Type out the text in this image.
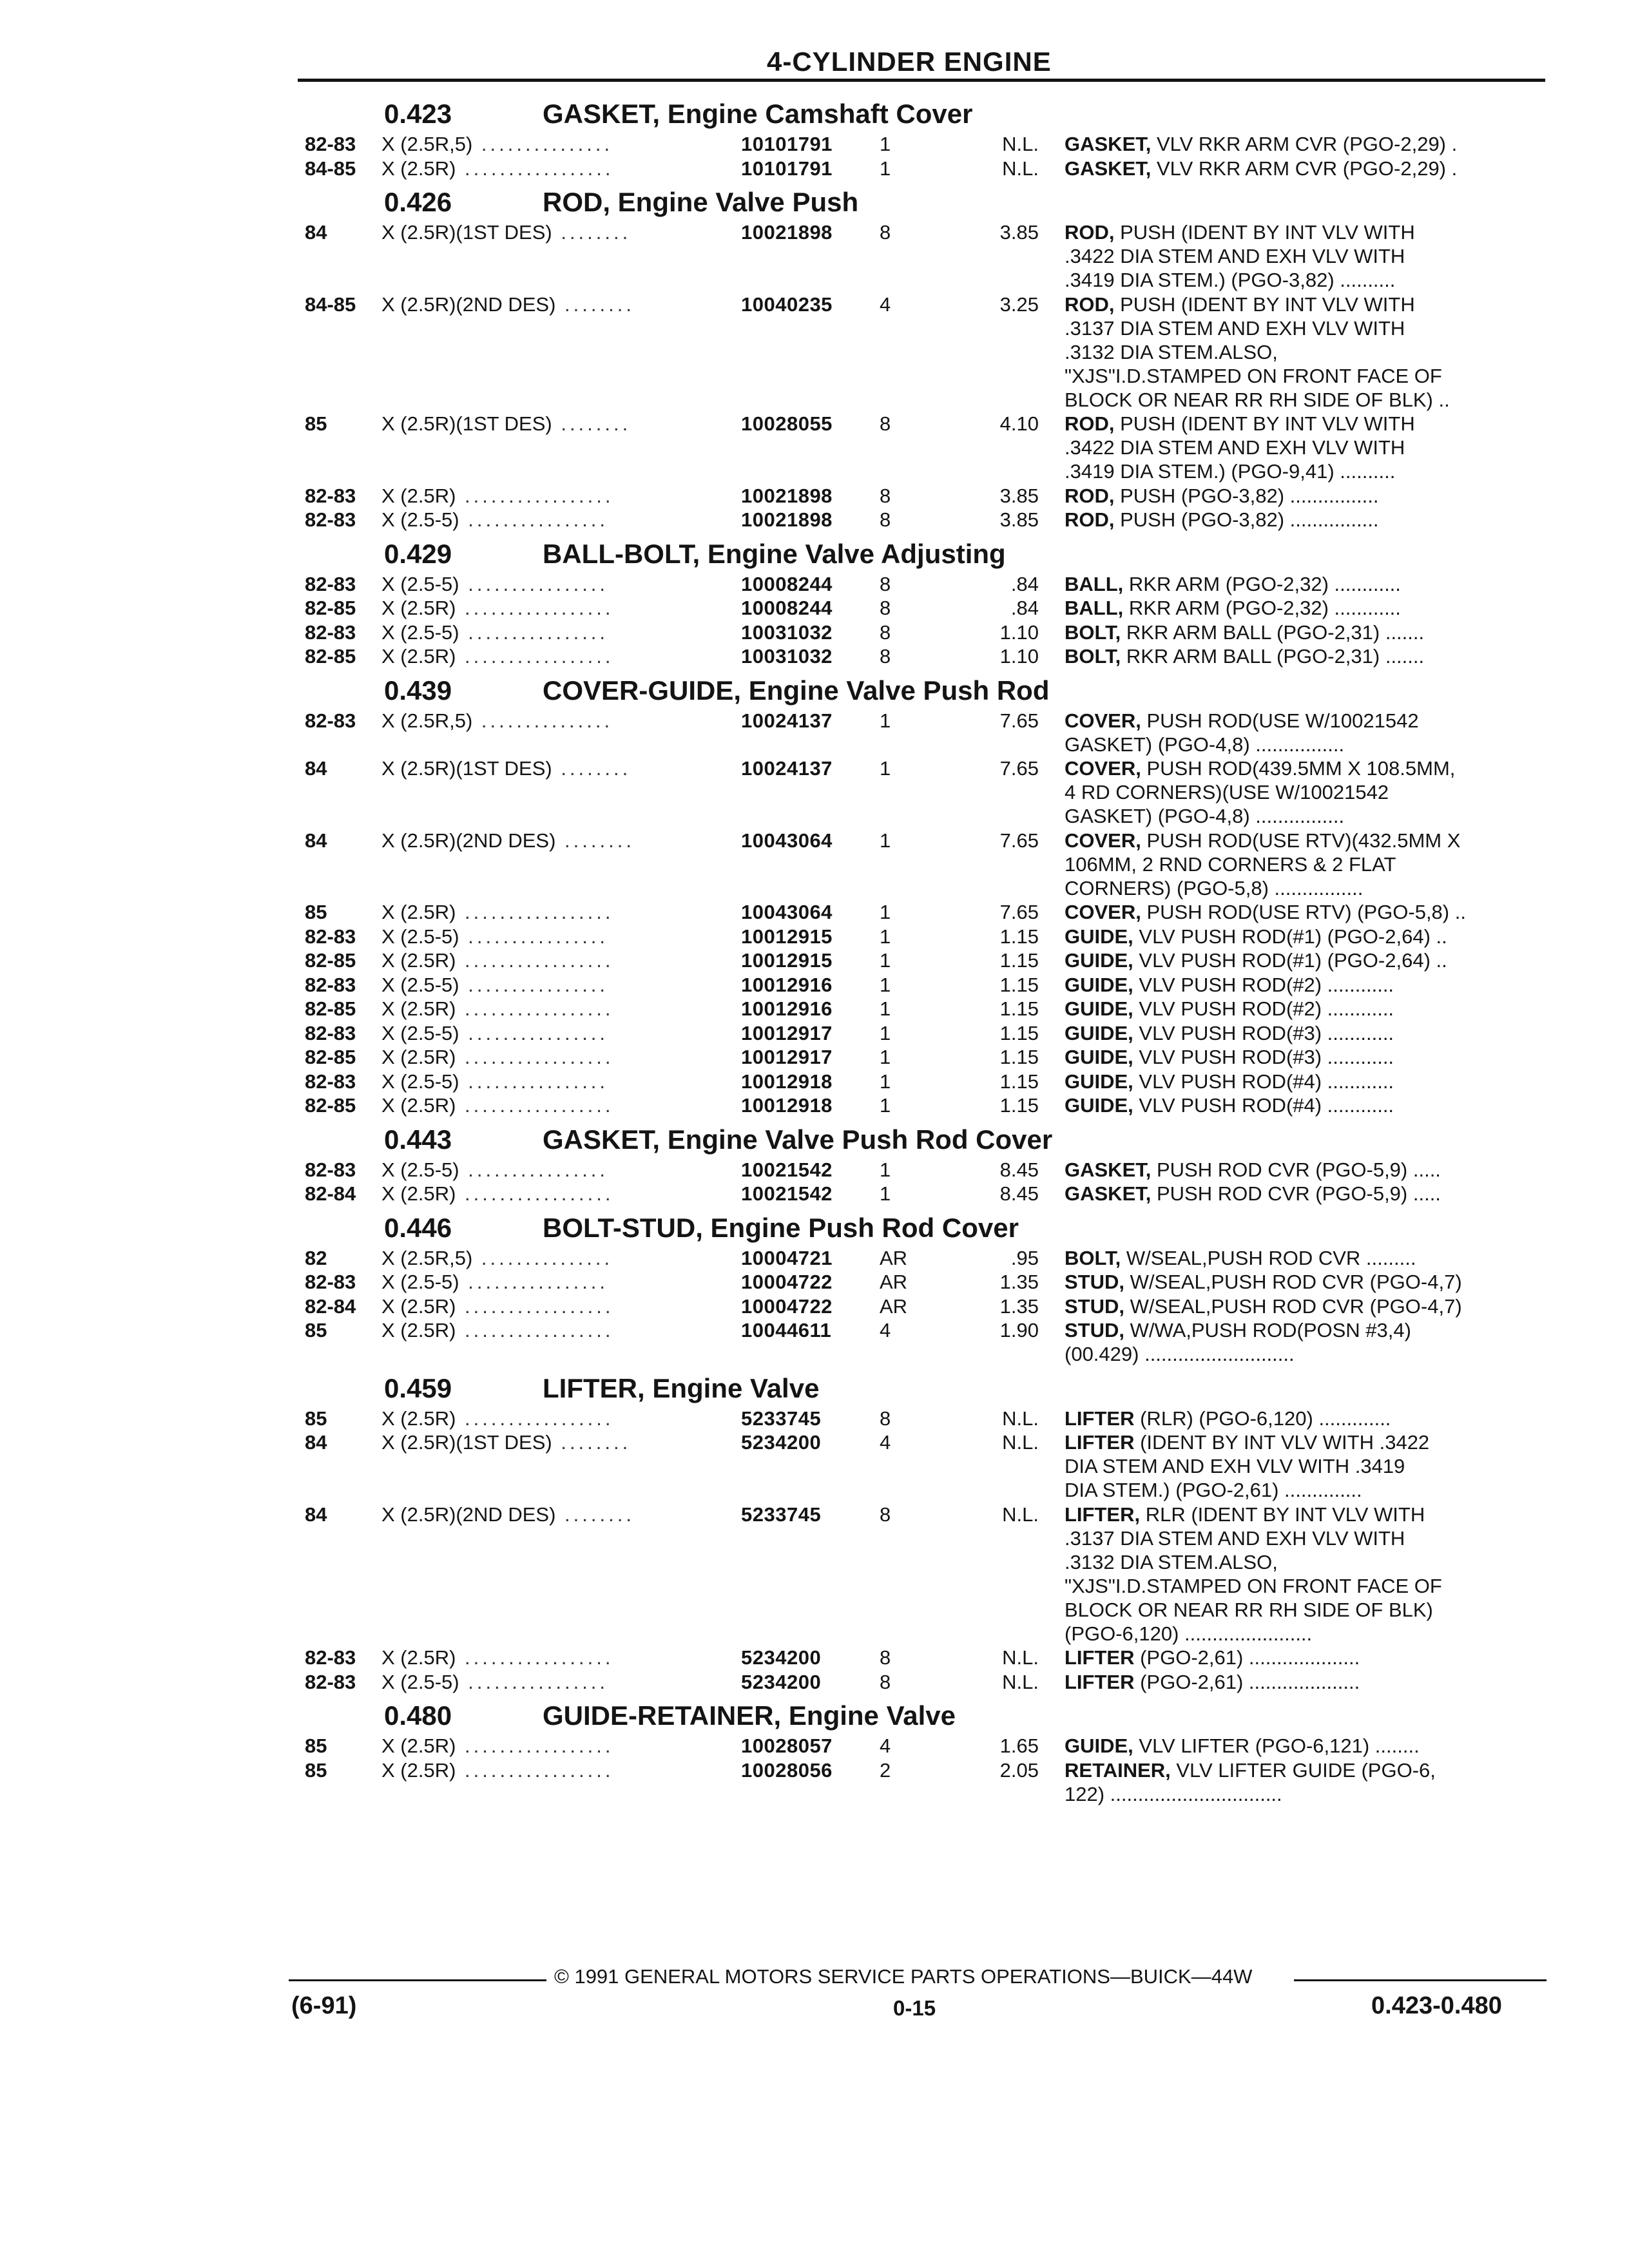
4-CYLINDER ENGINE
0.423	GASKET, Engine Camshaft Cover
82-83 X (2.5R,5) ...............	10101791 1	N.L. GASKET, VLV RKR ARM CVR (PGO-2,29) .
84-85 X (2.5R) .................	10101791 1	N.L. GASKET, VLV RKR ARM CVR (PGO-2,29) .
0.426	ROD, Engine Valve Push
84	X (2.5R)(1ST DES) ........	10021898 8	3.85 ROD, PUSH (IDENT BY INT VLV WITH
.3422 DIA STEM AND EXH VLV WITH
.3419 DIA STEM.) (PGO-3,82) ..........
84-85 X (2.5R)(2ND DES) ........	10040235 4	3.25 ROD, PUSH (IDENT BY INT VLV WITH
.3137 DIA STEM AND EXH VLV WITH
.3132 DIA STEM.ALSO,
"XJS"I.D.STAMPED ON FRONT FACE OF
BLOCK OR NEAR RR RH SIDE OF BLK) ..
85	X (2.5R)(1ST DES) ........	10028055 8	4.10 ROD, PUSH (IDENT BY INT VLV WITH
.3422 DIA STEM AND EXH VLV WITH
.3419 DIA STEM.) (PGO-9,41) ..........
82-83 X (2.5R) .................	10021898 8	3.85 ROD, PUSH (PGO-3,82) ................
82-83 X (2.5-5) ................	10021898 8	3.85 ROD, PUSH (PGO-3,82) ................
0.429	BALL-BOLT, Engine Valve Adjusting
82-83 X (2.5-5) ................	10008244 8	.84 BALL, RKR ARM (PGO-2,32) ............
82-85 X (2.5R) .................	10008244 8	.84 BALL, RKR ARM (PGO-2,32) ............
82-83 X (2.5-5) ................	10031032 8	1.10 BOLT, RKR ARM BALL (PGO-2,31) .......
82-85 X (2.5R) .................	10031032 8	1.10 BOLT, RKR ARM BALL (PGO-2,31) .......
0.439	COVER-GUIDE, Engine Valve Push Rod
82-83 X (2.5R,5) ...............	10024137 1	7.65 COVER, PUSH ROD(USE W/10021542
GASKET) (PGO-4,8) ................
84	X (2.5R)(1ST DES) ........	10024137 1	7.65 COVER, PUSH ROD(439.5MM X 108.5MM,
4 RD CORNERS)(USE W/10021542
GASKET) (PGO-4,8) ................
84	X (2.5R)(2ND DES) ........	10043064 1	7.65 COVER, PUSH ROD(USE RTV)(432.5MM X
106MM, 2 RND CORNERS & 2 FLAT
CORNERS) (PGO-5,8) ................
85	X (2.5R) .................	10043064 1	7.65 COVER, PUSH ROD(USE RTV) (PGO-5,8) ..
82-83 X (2.5-5) ................	10012915 1	1.15 GUIDE, VLV PUSH ROD(#1) (PGO-2,64) ..
82-85 X (2.5R) .................	10012915 1	1.15 GUIDE, VLV PUSH ROD(#1) (PGO-2,64) ..
82-83 X (2.5-5) ................	10012916 1	1.15 GUIDE, VLV PUSH ROD(#2) ............
82-85 X (2.5R) .................	10012916 1	1.15 GUIDE, VLV PUSH ROD(#2) ............
82-83 X (2.5-5) ................	10012917 1	1.15 GUIDE, VLV PUSH ROD(#3) ............
82-85 X (2.5R) .................	10012917 1	1.15 GUIDE, VLV PUSH ROD(#3) ............
82-83 X (2.5-5) ................	10012918 1	1.15 GUIDE, VLV PUSH ROD(#4) ............
82-85 X (2.5R) .................	10012918 1	1.15 GUIDE, VLV PUSH ROD(#4) ............
0.443	GASKET, Engine Valve Push Rod Cover
82-83 X (2.5-5) ................	10021542 1	8.45 GASKET, PUSH ROD CVR (PGO-5,9) .....
82-84 X (2.5R) .................	10021542 1	8.45 GASKET, PUSH ROD CVR (PGO-5,9) .....
0.446	BOLT-STUD, Engine Push Rod Cover
82	X (2.5R,5) ...............	10004721 AR	.95 BOLT, W/SEAL,PUSH ROD CVR .........
82-83 X (2.5-5) ................	10004722 AR	1.35 STUD, W/SEAL,PUSH ROD CVR (PGO-4,7)
82-84 X (2.5R) .................	10004722 AR	1.35 STUD, W/SEAL,PUSH ROD CVR (PGO-4,7)
85	X (2.5R) .................	10044611 4	1.90 STUD, W/WA,PUSH ROD(POSN #3,4)
(00.429) ...........................
0.459	LIFTER, Engine Valve
85	X (2.5R) .................	5233745	8	N.L. LIFTER (RLR) (PGO-6,120) .............
84	X (2.5R)(1ST DES) ........	5234200	4	N.L. LIFTER (IDENT BY INT VLV WITH .3422
DIA STEM AND EXH VLV WITH .3419
DIA STEM.) (PGO-2,61) ..............
84	X (2.5R)(2ND DES) ........	5233745	8	N.L. LIFTER, RLR (IDENT BY INT VLV WITH
.3137 DIA STEM AND EXH VLV WITH
.3132 DIA STEM.ALSO,
"XJS"I.D.STAMPED ON FRONT FACE OF
BLOCK OR NEAR RR RH SIDE OF BLK)
(PGO-6,120) .......................
82-83 X (2.5R) .................	5234200	8	N.L. LIFTER (PGO-2,61) ....................
82-83 X (2.5-5) ................	5234200	8	N.L. LIFTER (PGO-2,61) ....................
0.480	GUIDE-RETAINER, Engine Valve
85	X (2.5R) .................	10028057 4	1.65 GUIDE, VLV LIFTER (PGO-6,121) ........
85	X (2.5R) .................	10028056 2	2.05 RETAINER, VLV LIFTER GUIDE (PGO-6,
122) ...............................
© 1991 GENERAL MOTORS SERVICE PARTS OPERATIONS—BUICK—44W
(6-91)	0-15	0.423-0.480
